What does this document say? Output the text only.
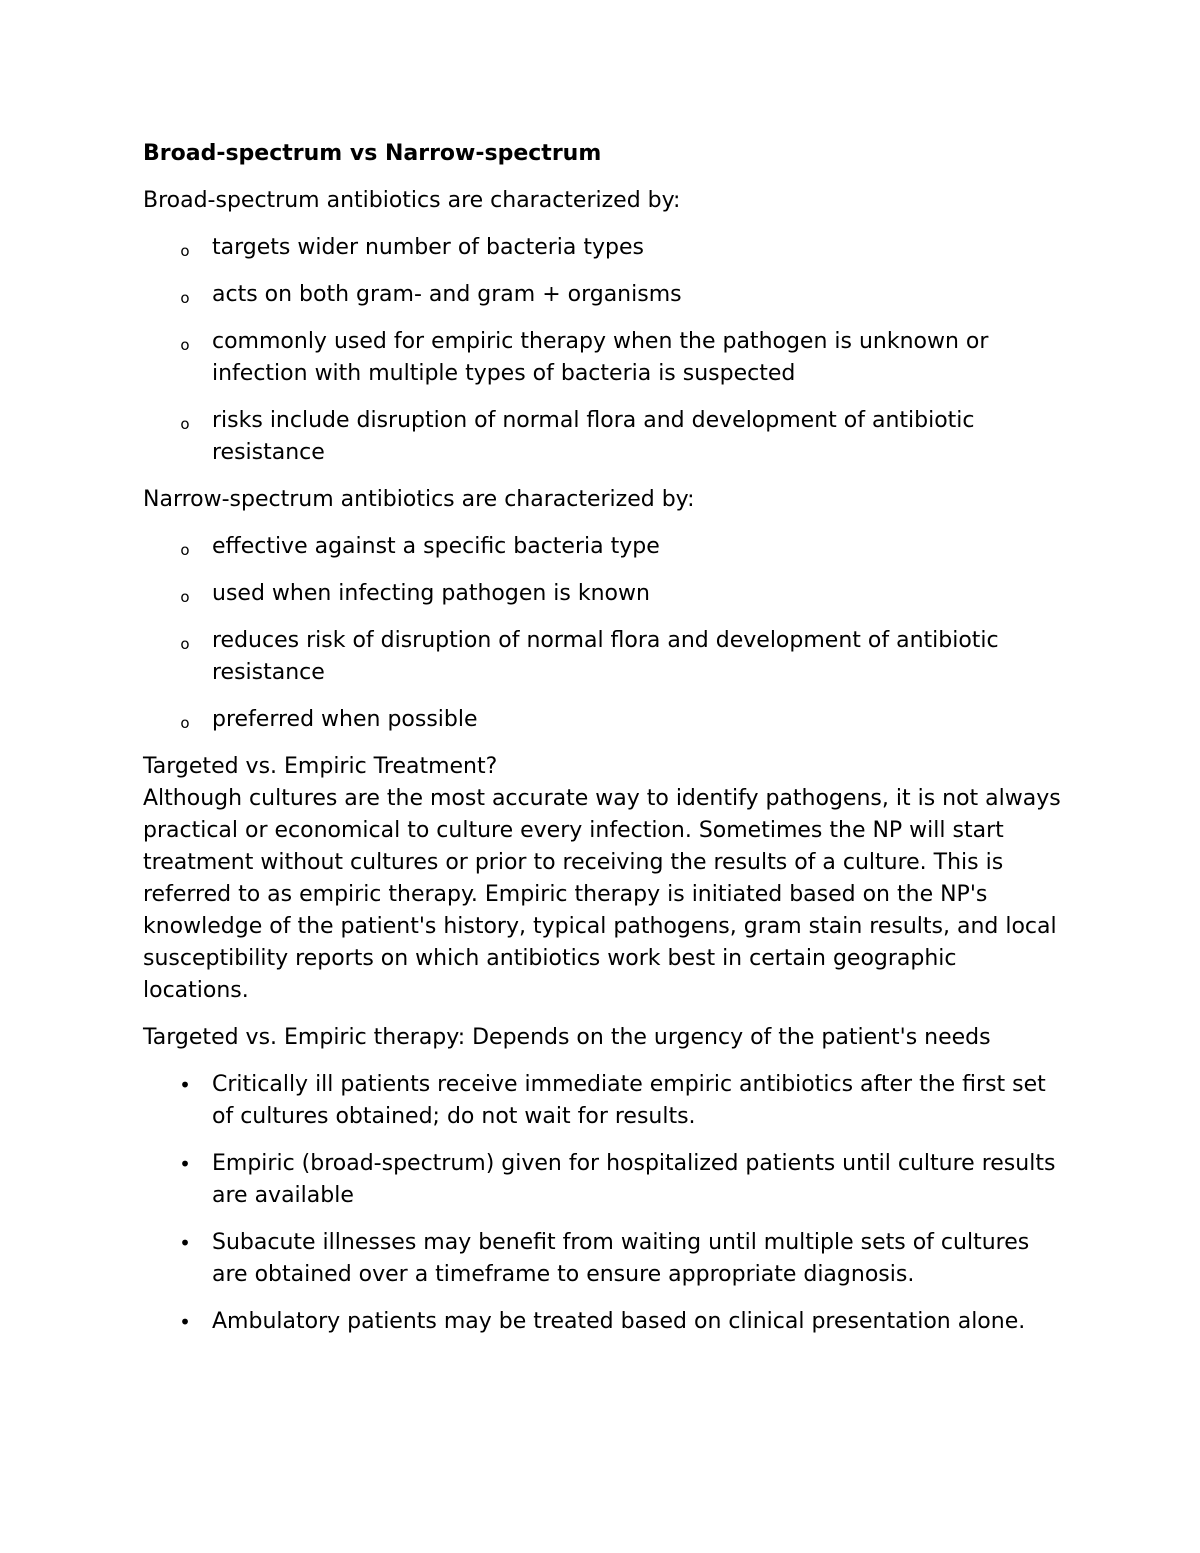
Broad-spectrum vs Narrow-spectrum
Broad-spectrum antibiotics are characterized by:
o targets wider number of bacteria types
o acts on both gram- and gram + organisms
o commonly used for empiric therapy when the pathogen is unknown or infection with multiple types of bacteria is suspected
o risks include disruption of normal flora and development of antibiotic resistance
Narrow-spectrum antibiotics are characterized by:
o effective against a specific bacteria type
o used when infecting pathogen is known
o reduces risk of disruption of normal flora and development of antibiotic resistance
o preferred when possible
Targeted vs. Empiric Treatment?
Although cultures are the most accurate way to identify pathogens, it is not always practical or economical to culture every infection. Sometimes the NP will start treatment without cultures or prior to receiving the results of a culture. This is referred to as empiric therapy. Empiric therapy is initiated based on the NP's knowledge of the patient's history, typical pathogens, gram stain results, and local susceptibility reports on which antibiotics work best in certain geographic locations.
Targeted vs. Empiric therapy: Depends on the urgency of the patient's needs
• Critically ill patients receive immediate empiric antibiotics after the first set of cultures obtained; do not wait for results.
• Empiric (broad-spectrum) given for hospitalized patients until culture results are available
• Subacute illnesses may benefit from waiting until multiple sets of cultures are obtained over a timeframe to ensure appropriate diagnosis.
• Ambulatory patients may be treated based on clinical presentation alone.
